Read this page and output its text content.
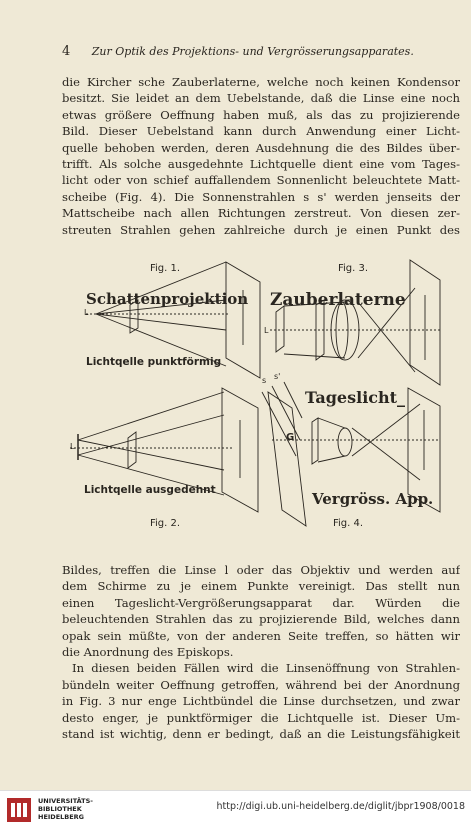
4 Zur Optik des Projektions- und Vergrösserungsapparates.
die Kircher sche Zauberlaterne, welche noch keinen Kondensor
besitzt. Sie leidet an dem Uebelstande, daß die Linse eine noch
etwas größere Oeffnung haben muß, als das zu projizierende
Bild. Dieser Uebelstand kann durch Anwendung einer Licht-
quelle behoben werden, deren Ausdehnung die des Bildes über-
trifft. Als solche ausgedehnte Lichtquelle dient eine vom Tages-
licht oder von schief auffallendem Sonnenlicht beleuchtete Matt-
scheibe (Fig. 4). Die Sonnenstrahlen s s' werden jenseits der
Mattscheibe nach allen Richtungen zerstreut. Von diesen zer-
streuten Strahlen gehen zahlreiche durch je einen Punkt des
Fig. 1.	Fig. 3.
Fig. 2.	Fig. 4.
Schattenprojektion Zauberlaterne
Tageslicht_
Vergröss. App.
Lichtqelle punktförmig
Lichtqelle ausgedehnt
L
L
L
G
s s'
Bildes, treffen die Linse l oder das Objektiv und werden auf
dem Schirme zu je einem Punkte vereinigt. Das stellt nun
einen Tageslicht-Vergrößerungsapparat dar. Würden die
beleuchtenden Strahlen das zu projizierende Bild, welches dann
opak sein müßte, von der anderen Seite treffen, so hätten wir
die Anordnung des Episkops.
In diesen beiden Fällen wird die Linsenöffnung von Strahlen-
bündeln weiter Oeffnung getroffen, während bei der Anordnung
in Fig. 3 nur enge Lichtbündel die Linse durchsetzen, und zwar
desto enger, je punktförmiger die Lichtquelle ist. Dieser Um-
stand ist wichtig, denn er bedingt, daß an die Leistungsfähigkeit
UNIVERSITÄTS-
BIBLIOTHEK
HEIDELBERG
http://digi.ub.uni-heidelberg.de/diglit/jbpr1908/0018
